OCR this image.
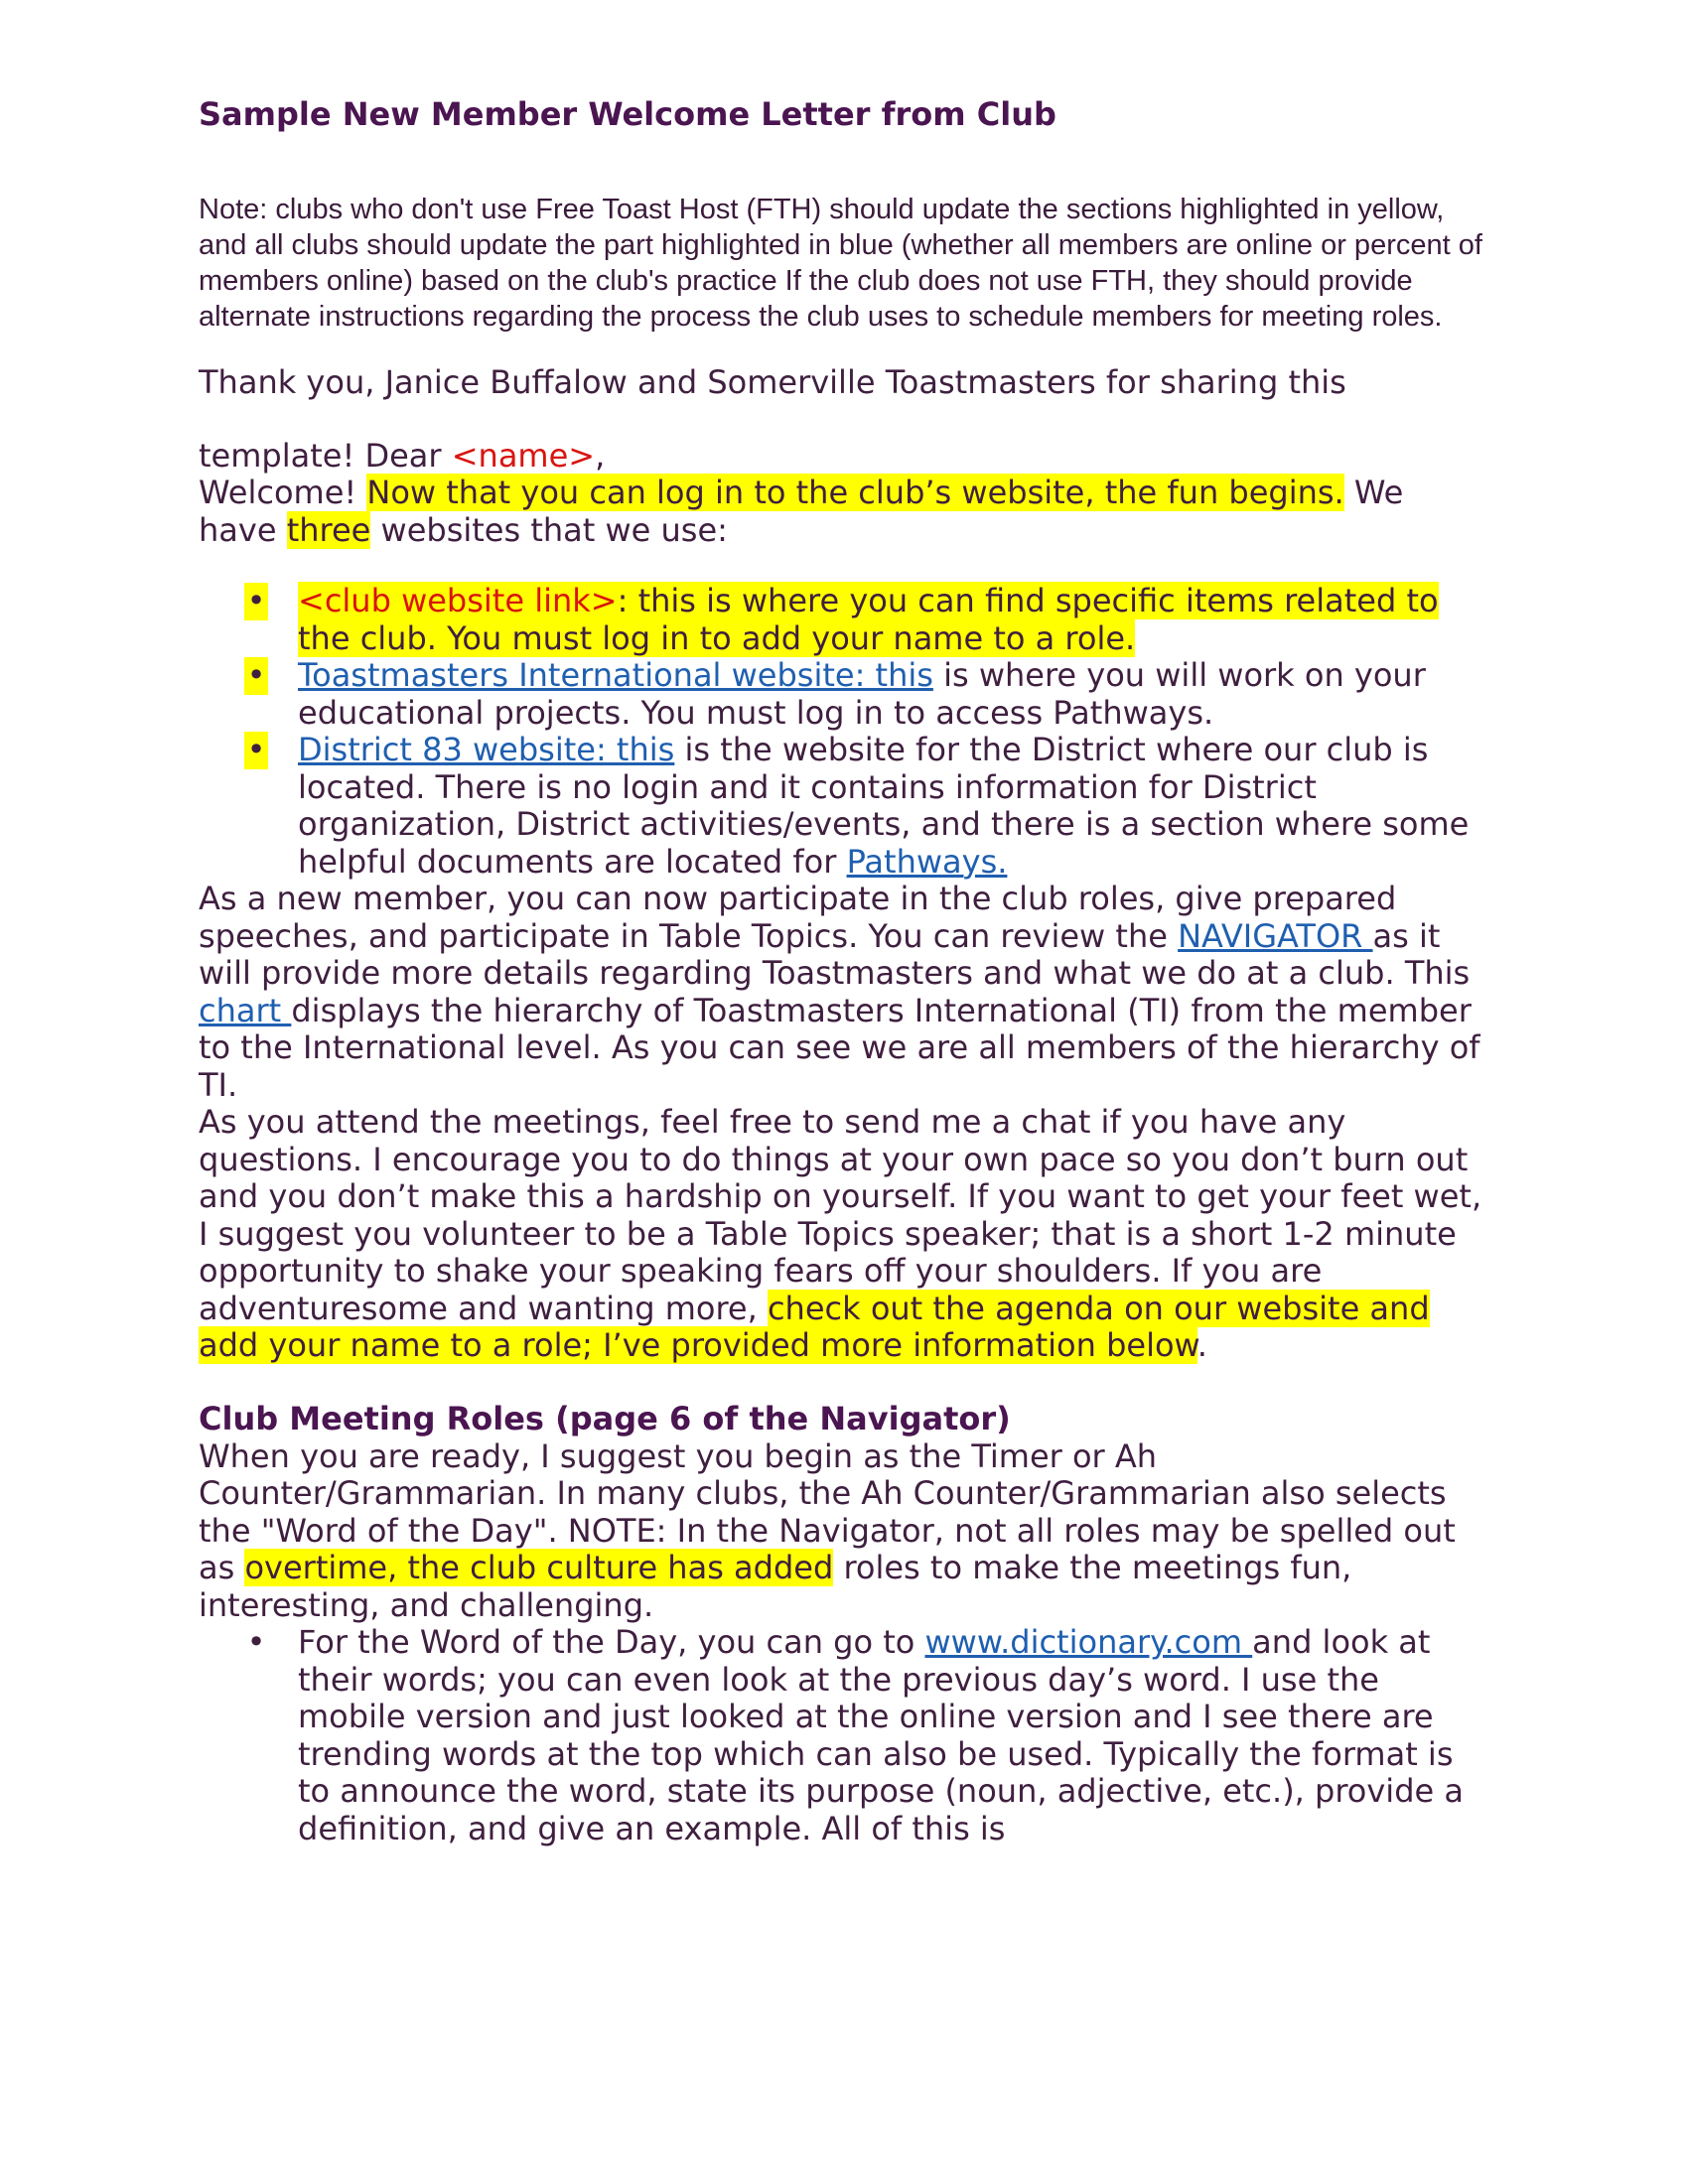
Sample New Member Welcome Letter from Club

Note: clubs who don't use Free Toast Host (FTH) should update the sections highlighted in yellow, and all clubs should update the part highlighted in blue (whether all members are online or percent of members online) based on the club's practice If the club does not use FTH, they should provide alternate instructions regarding the process the club uses to schedule members for meeting roles.

Thank you, Janice Buffalow and Somerville Toastmasters for sharing this

template! Dear <name>,

Welcome! Now that you can log in to the club’s website, the fun begins. We have three websites that we use:

• <club website link>: this is where you can find specific items related to the club. You must log in to add your name to a role.
• Toastmasters International website: this is where you will work on your educational projects. You must log in to access Pathways.
• District 83 website: this is the website for the District where our club is located. There is no login and it contains information for District organization, District activities/events, and there is a section where some helpful documents are located for Pathways.

As a new member, you can now participate in the club roles, give prepared speeches, and participate in Table Topics. You can review the NAVIGATOR as it will provide more details regarding Toastmasters and what we do at a club. This chart displays the hierarchy of Toastmasters International (TI) from the member to the International level. As you can see we are all members of the hierarchy of TI.

As you attend the meetings, feel free to send me a chat if you have any questions. I encourage you to do things at your own pace so you don’t burn out and you don’t make this a hardship on yourself. If you want to get your feet wet, I suggest you volunteer to be a Table Topics speaker; that is a short 1-2 minute opportunity to shake your speaking fears off your shoulders. If you are adventuresome and wanting more, check out the agenda on our website and add your name to a role; I’ve provided more information below.

Club Meeting Roles (page 6 of the Navigator)

When you are ready, I suggest you begin as the Timer or Ah Counter/Grammarian. In many clubs, the Ah Counter/Grammarian also selects the "Word of the Day". NOTE: In the Navigator, not all roles may be spelled out as overtime, the club culture has added roles to make the meetings fun, interesting, and challenging.

• For the Word of the Day, you can go to www.dictionary.com and look at their words; you can even look at the previous day’s word. I use the mobile version and just looked at the online version and I see there are trending words at the top which can also be used. Typically the format is to announce the word, state its purpose (noun, adjective, etc.), provide a definition, and give an example. All of this is
